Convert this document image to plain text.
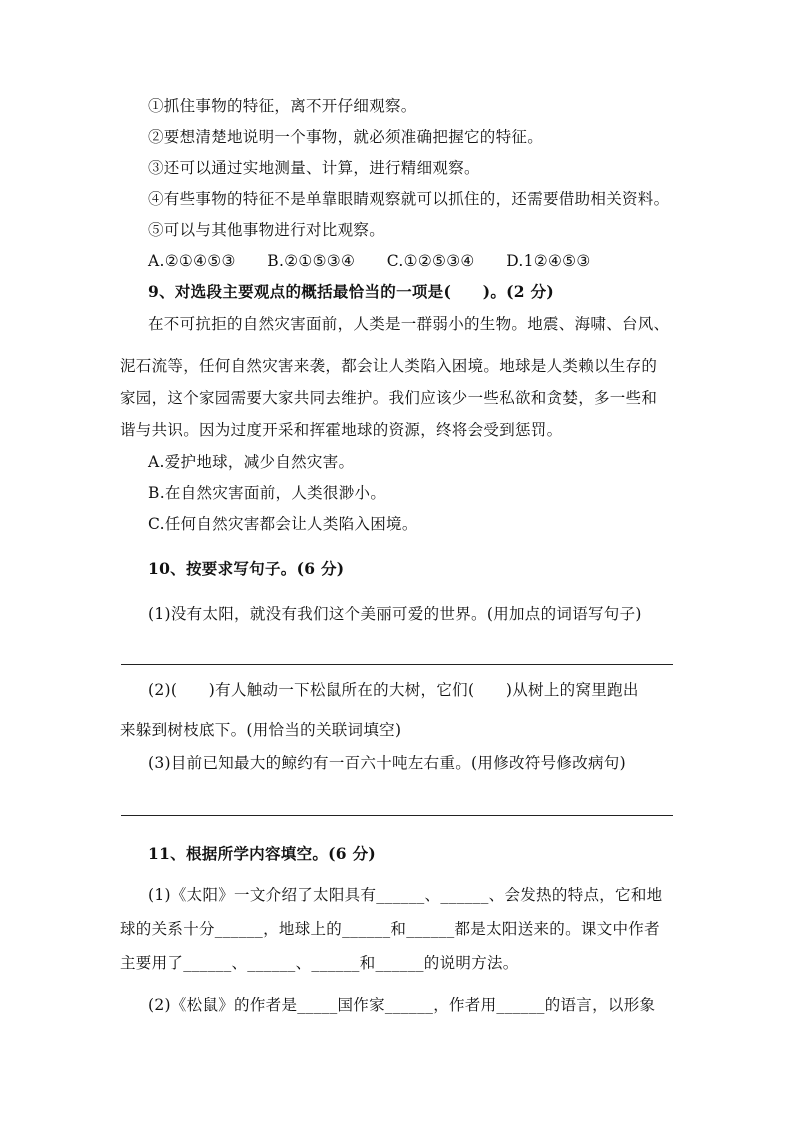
①抓住事物的特征，离不开仔细观察。
②要想清楚地说明一个事物，就必须准确把握它的特征。
③还可以通过实地测量、计算，进行精细观察。
④有些事物的特征不是单靠眼睛观察就可以抓住的，还需要借助相关资料。
⑤可以与其他事物进行对比观察。
A.②①④⑤③　　B.②①⑤③④　　C.①②⑤③④　　D.1②④⑤③
9、对选段主要观点的概括最恰当的一项是(　　)。(2 分)
在不可抗拒的自然灾害面前，人类是一群弱小的生物。地震、海啸、台风、
泥石流等，任何自然灾害来袭，都会让人类陷入困境。地球是人类赖以生存的
家园，这个家园需要大家共同去维护。我们应该少一些私欲和贪婪，多一些和
谐与共识。因为过度开采和挥霍地球的资源，终将会受到惩罚。
A.爱护地球，减少自然灾害。
B.在自然灾害面前，人类很渺小。
C.任何自然灾害都会让人类陷入困境。
10、按要求写句子。(6 分)
(1)没有太阳，就没有我们这个美丽可爱的世界。(用加点的词语写句子)
(2)(　　)有人触动一下松鼠所在的大树，它们(　　)从树上的窝里跑出
来躲到树枝底下。(用恰当的关联词填空)
(3)目前已知最大的鲸约有一百六十吨左右重。(用修改符号修改病句)
11、根据所学内容填空。(6 分)
(1)《太阳》一文介绍了太阳具有______、______、会发热的特点，它和地
球的关系十分______，地球上的______和______都是太阳送来的。课文中作者
主要用了______、______、______和______的说明方法。
(2)《松鼠》的作者是_____国作家______，作者用______的语言，以形象
